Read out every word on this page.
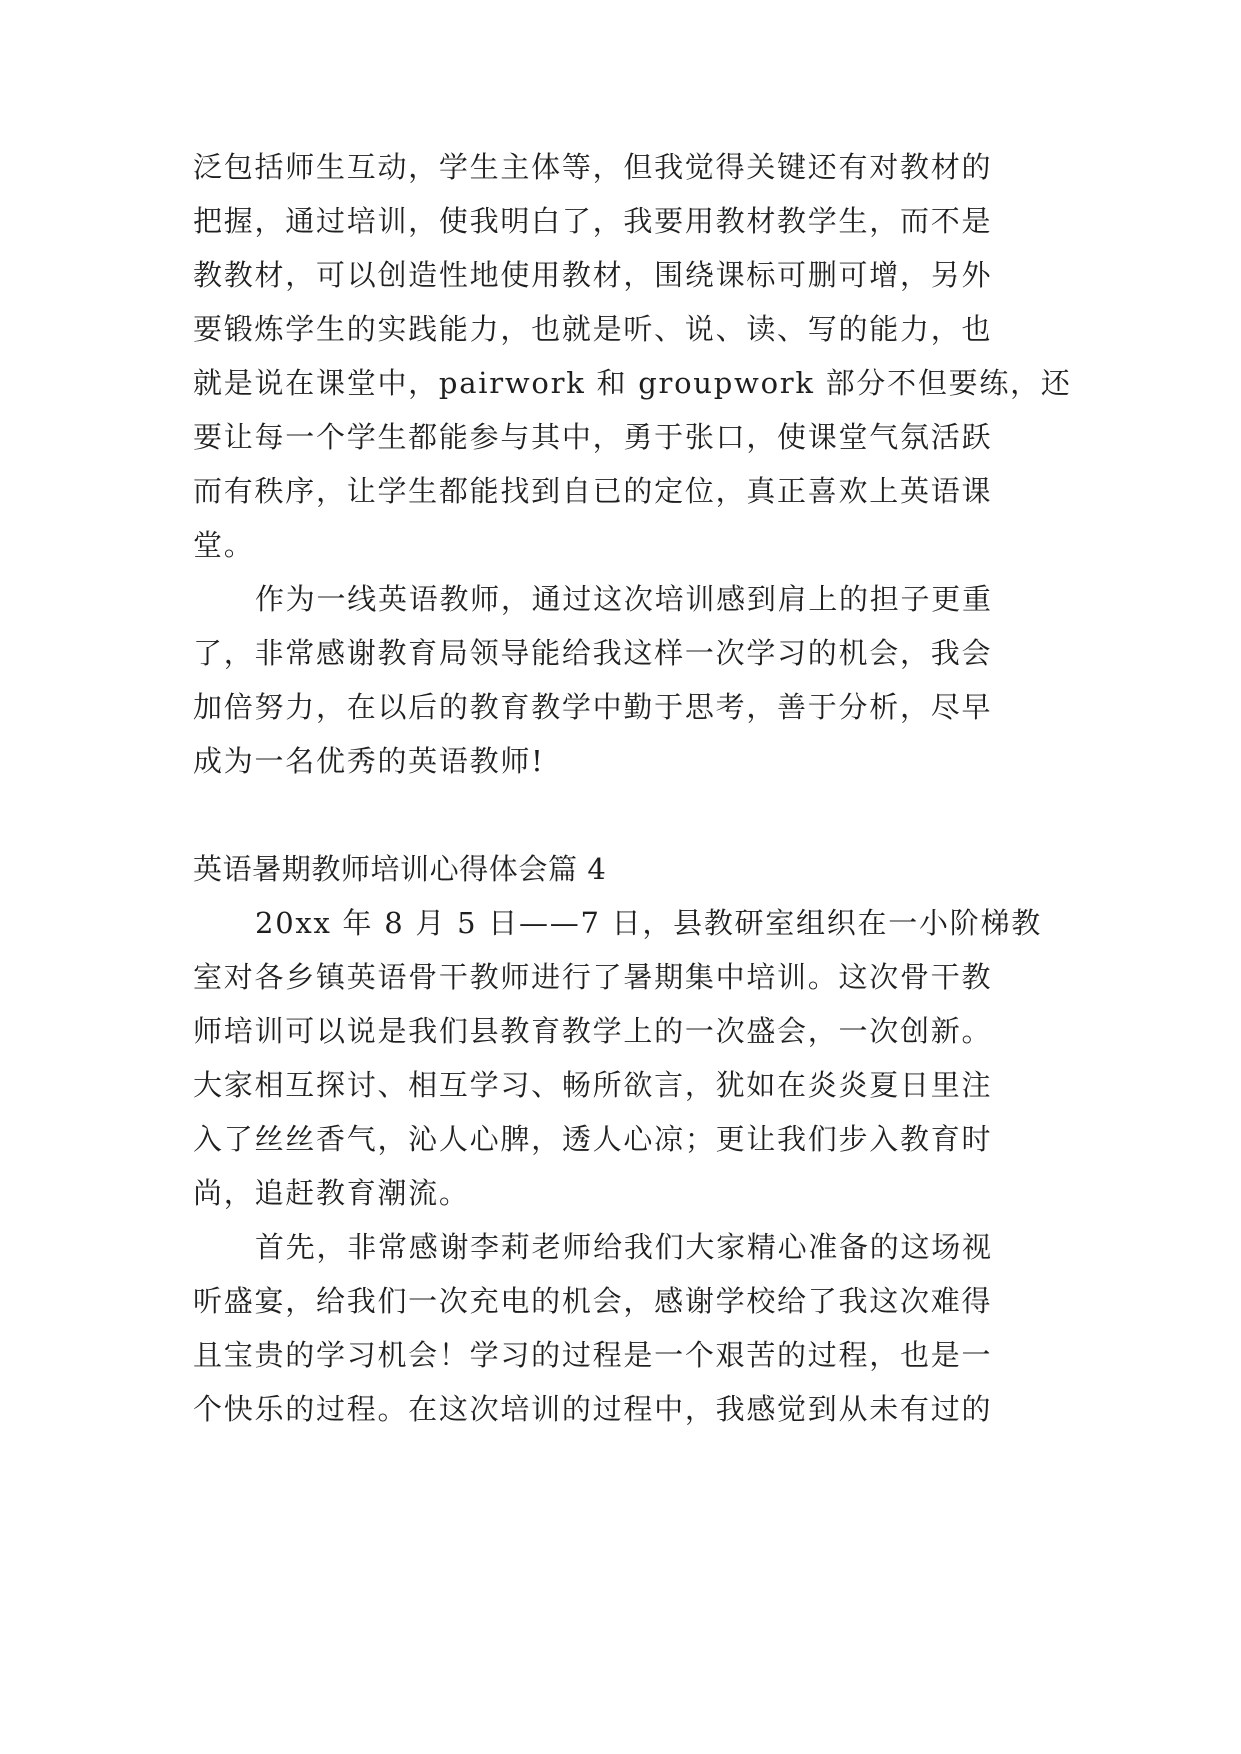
泛包括师生互动，学生主体等，但我觉得关键还有对教材的

把握，通过培训，使我明白了，我要用教材教学生，而不是

教教材，可以创造性地使用教材，围绕课标可删可增，另外

要锻炼学生的实践能力，也就是听、说、读、写的能力，也

就是说在课堂中，pairwork 和 groupwork 部分不但要练，还

要让每一个学生都能参与其中，勇于张口，使课堂气氛活跃

而有秩序，让学生都能找到自已的定位，真正喜欢上英语课

堂。

作为一线英语教师，通过这次培训感到肩上的担子更重

了，非常感谢教育局领导能给我这样一次学习的机会，我会

加倍努力，在以后的教育教学中勤于思考，善于分析，尽早

成为一名优秀的英语教师!

英语暑期教师培训心得体会篇 4

20xx 年 8 月 5 日——7 日，县教研室组织在一小阶梯教

室对各乡镇英语骨干教师进行了暑期集中培训。这次骨干教

师培训可以说是我们县教育教学上的一次盛会，一次创新。

大家相互探讨、相互学习、畅所欲言，犹如在炎炎夏日里注

入了丝丝香气，沁人心脾，透人心凉；更让我们步入教育时

尚，追赶教育潮流。

首先，非常感谢李莉老师给我们大家精心准备的这场视

听盛宴，给我们一次充电的机会，感谢学校给了我这次难得

且宝贵的学习机会！学习的过程是一个艰苦的过程，也是一

个快乐的过程。在这次培训的过程中，我感觉到从未有过的
